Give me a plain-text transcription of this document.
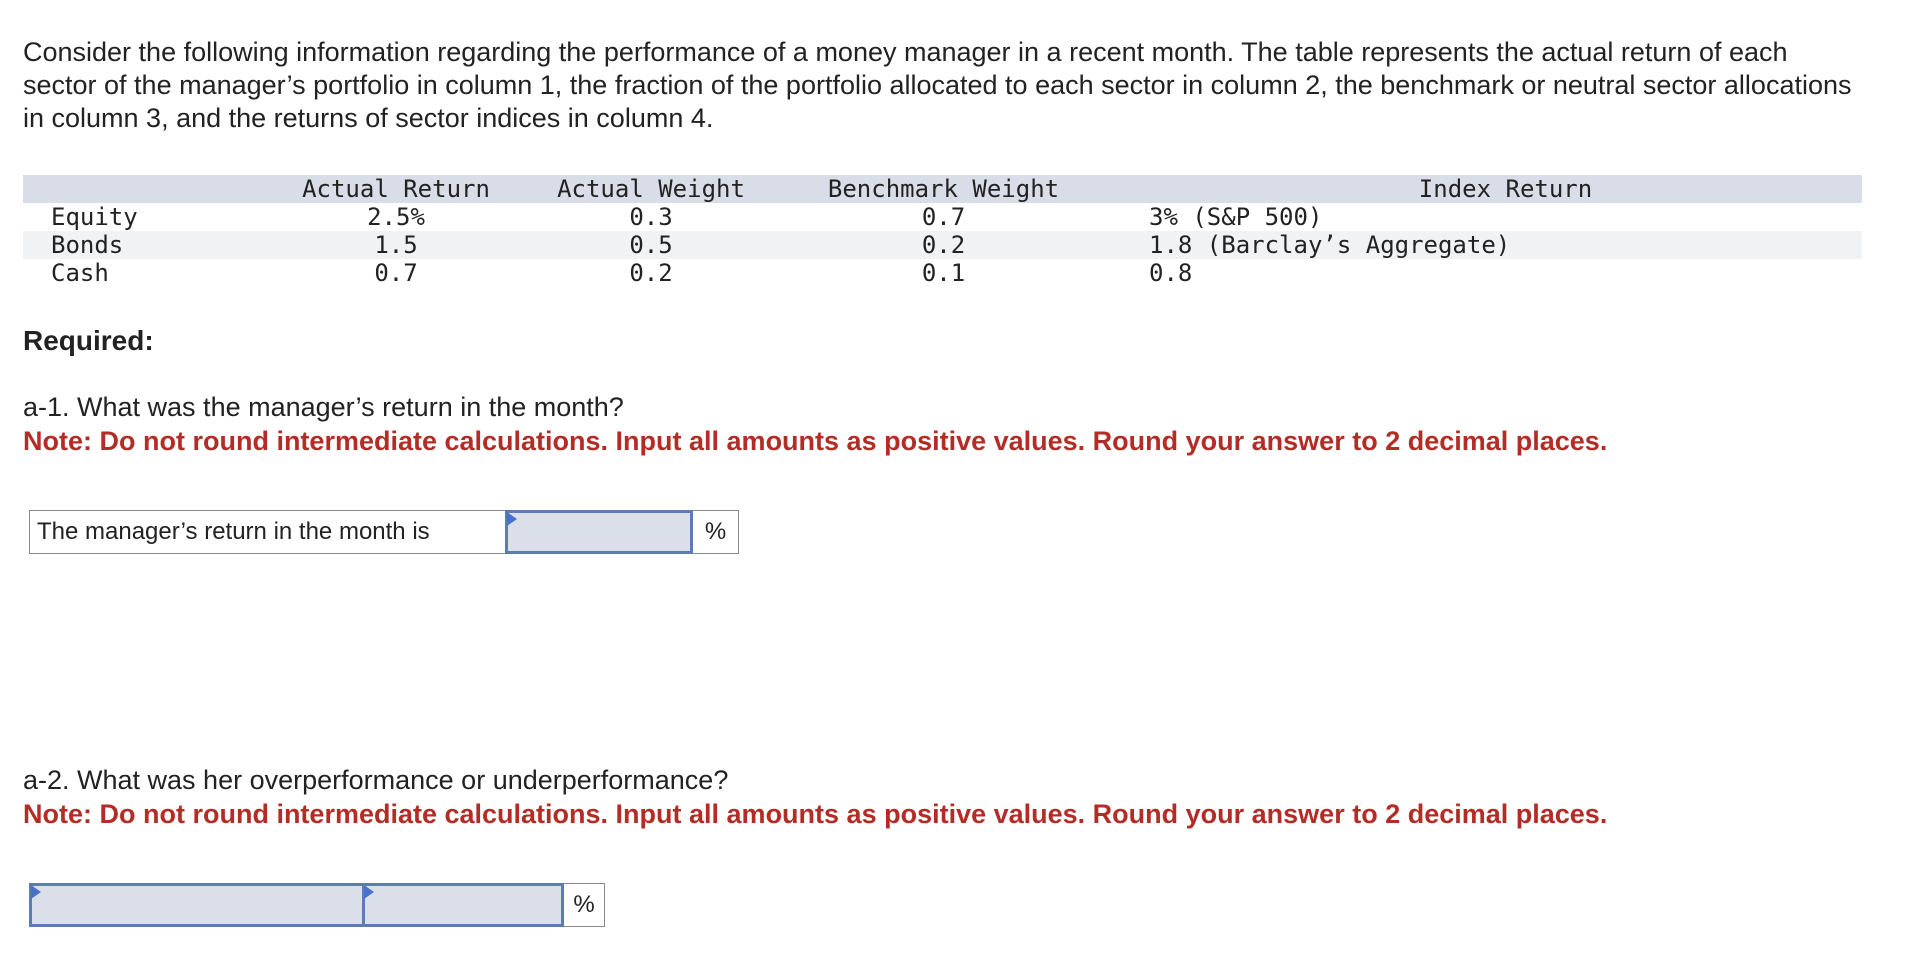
Consider the following information regarding the performance of a money manager in a recent month. The table represents the actual return of each sector of the manager’s portfolio in column 1, the fraction of the portfolio allocated to each sector in column 2, the benchmark or neutral sector allocations in column 3, and the returns of sector indices in column 4.

	Actual Return	Actual Weight	Benchmark Weight	Index Return
Equity	2.5%	0.3	0.7	3% (S&P 500)
Bonds	1.5	0.5	0.2	1.8 (Barclay’s Aggregate)
Cash	0.7	0.2	0.1	0.8

Required:

a-1. What was the manager’s return in the month?

Note: Do not round intermediate calculations. Input all amounts as positive values. Round your answer to 2 decimal places.

The manager’s return in the month is	%

a-2. What was her overperformance or underperformance?

Note: Do not round intermediate calculations. Input all amounts as positive values. Round your answer to 2 decimal places.

%
